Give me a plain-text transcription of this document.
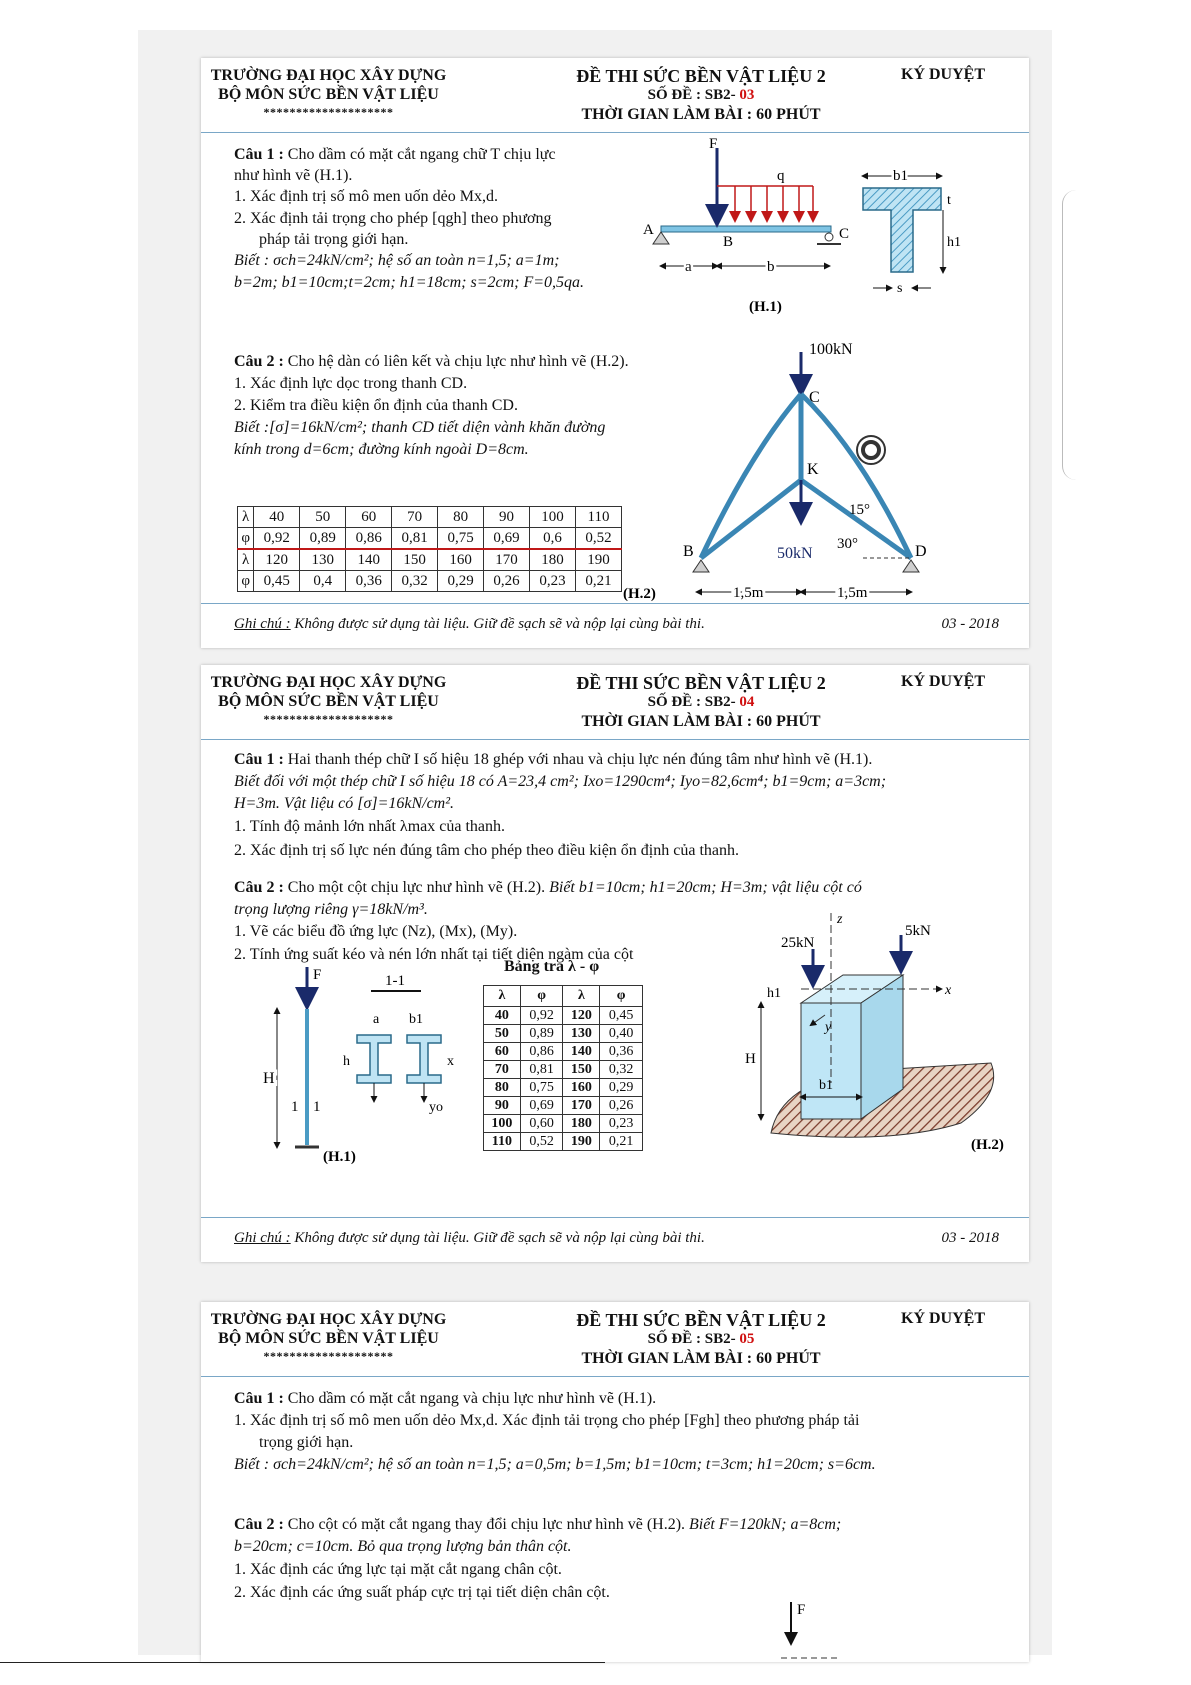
TRƯỜNG ĐẠI HỌC XÂY DỰNG
BỘ MÔN SỨC BỀN VẬT LIỆU
********************
ĐỀ THI SỨC BỀN VẬT LIỆU 2
SỐ ĐỀ : SB2- 03
THỜI GIAN LÀM BÀI : 60 PHÚT
KÝ DUYỆT
Câu 1 : Cho dầm có mặt cắt ngang chữ T chịu lực
như hình vẽ (H.1).
1. Xác định trị số mô men uốn dẻo Mx,d.
2. Xác định tải trọng cho phép [qgh] theo phương
pháp tải trọng giới hạn.
Biết : σch=24kN/cm²; hệ số an toàn n=1,5; a=1m;
b=2m; b1=10cm;t=2cm; h1=18cm; s=2cm; F=0,5qa.
F
q
A	C
B
a	b
(H.1)
b1
t
h1
s
Câu 2 : Cho hệ dàn có liên kết và chịu lực như hình vẽ (H.2).
1. Xác định lực dọc trong thanh CD.
2. Kiểm tra điều kiện ổn định của thanh CD.
Biết :[σ]=16kN/cm²; thanh CD tiết diện vành khăn đường
kính trong d=6cm; đường kính ngoài D=8cm.
λ	40	50	60	70	80	90	100	110
φ	0,92	0,89	0,86	0,81	0,75	0,69	0,6	0,52
λ	120	130	140	150	160	170	180	190
φ	0,45	0,4	0,36	0,32	0,29	0,26	0,23	0,21
100kN
C
K
B	D
50kN
15°
30°
1,5m	1,5m
(H.2)
Ghi chú : Không được sử dụng tài liệu. Giữ đề sạch sẽ và nộp lại cùng bài thi.	03 - 2018
TRƯỜNG ĐẠI HỌC XÂY DỰNG
BỘ MÔN SỨC BỀN VẬT LIỆU
********************
ĐỀ THI SỨC BỀN VẬT LIỆU 2
SỐ ĐỀ : SB2- 04
THỜI GIAN LÀM BÀI : 60 PHÚT
KÝ DUYỆT
Câu 1 : Hai thanh thép chữ I số hiệu 18 ghép với nhau và chịu lực nén đúng tâm như hình vẽ (H.1).
Biết đối với một thép chữ I số hiệu 18 có A=23,4 cm²; Ixo=1290cm⁴; Iyo=82,6cm⁴; b1=9cm; a=3cm;
H=3m. Vật liệu có [σ]=16kN/cm².
1. Tính độ mảnh lớn nhất λmax của thanh.
2. Xác định trị số lực nén đúng tâm cho phép theo điều kiện ổn định của thanh.
Câu 2 : Cho một cột chịu lực như hình vẽ (H.2). Biết b1=10cm; h1=20cm; H=3m; vật liệu cột có
trọng lượng riêng γ=18kN/m³.
1. Vẽ các biểu đồ ứng lực (Nz), (Mx), (My).
2. Tính ứng suất kéo và nén lớn nhất tại tiết diện ngàm của cột
F
H
1 1
(H.1)
1-1
a b1
h	x
yo
Bảng tra λ - φ
λ	φ	λ	φ
40	0,92	120	0,45
50	0,89	130	0,40
60	0,86	140	0,36
70	0,81	150	0,32
80	0,75	160	0,29
90	0,69	170	0,26
100	0,60	180	0,23
110	0,52	190	0,21
z
x
25kN
5kN
h1
y
H
b1
(H.2)
Ghi chú : Không được sử dụng tài liệu. Giữ đề sạch sẽ và nộp lại cùng bài thi.	03 - 2018
TRƯỜNG ĐẠI HỌC XÂY DỰNG
BỘ MÔN SỨC BỀN VẬT LIỆU
********************
ĐỀ THI SỨC BỀN VẬT LIỆU 2
SỐ ĐỀ : SB2- 05
THỜI GIAN LÀM BÀI : 60 PHÚT
KÝ DUYỆT
Câu 1 : Cho dầm có mặt cắt ngang và chịu lực như hình vẽ (H.1).
1. Xác định trị số mô men uốn dẻo Mx,d. Xác định tải trọng cho phép [Fgh] theo phương pháp tải
trọng giới hạn.
Biết : σch=24kN/cm²; hệ số an toàn n=1,5; a=0,5m; b=1,5m; b1=10cm; t=3cm; h1=20cm; s=6cm.
Câu 2 : Cho cột có mặt cắt ngang thay đổi chịu lực như hình vẽ (H.2). Biết F=120kN; a=8cm;
b=20cm; c=10cm. Bỏ qua trọng lượng bản thân cột.
1. Xác định các ứng lực tại mặt cắt ngang chân cột.
2. Xác định các ứng suất pháp cực trị tại tiết diện chân cột.
F
